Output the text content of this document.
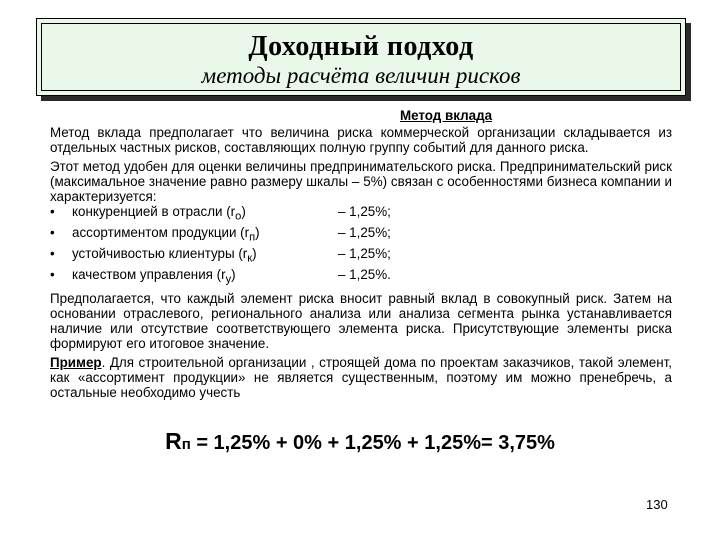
Доходный подход
методы расчёта величин рисков
Метод вклада

Метод вклада предполагает что величина риска коммерческой организации складывается из отдельных частных рисков, составляющих полную группу событий для данного риска.

Этот метод удобен для оценки величины предпринимательского риска. Предпринимательский риск (максимальное значение равно размеру шкалы – 5%) связан с особенностями бизнеса компании и характеризуется:

•	конкуренцией в отрасли $(r_о)$	– 1,25%;
•	ассортиментом продукции $(r_п)$	– 1,25%;
•	устойчивостью клиентуры $(r_к)$	– 1,25%;
•	качеством управления $(r_у)$	– 1,25%.

Предполагается, что каждый элемент риска вносит равный вклад в совокупный риск. Затем на основании отраслевого, регионального анализа или анализа сегмента рынка устанавливается наличие или отсутствие соответствующего элемента риска. Присутствующие элементы риска формируют его итоговое значение.

Пример. Для строительной организации , строящей дома по проектам заказчиков, такой элемент, как «ассортимент продукции» не является существенным, поэтому им можно пренебречь, а остальные необходимо учесть

Rп = 1,25% + 0% + 1,25% + 1,25%= 3,75%
130
